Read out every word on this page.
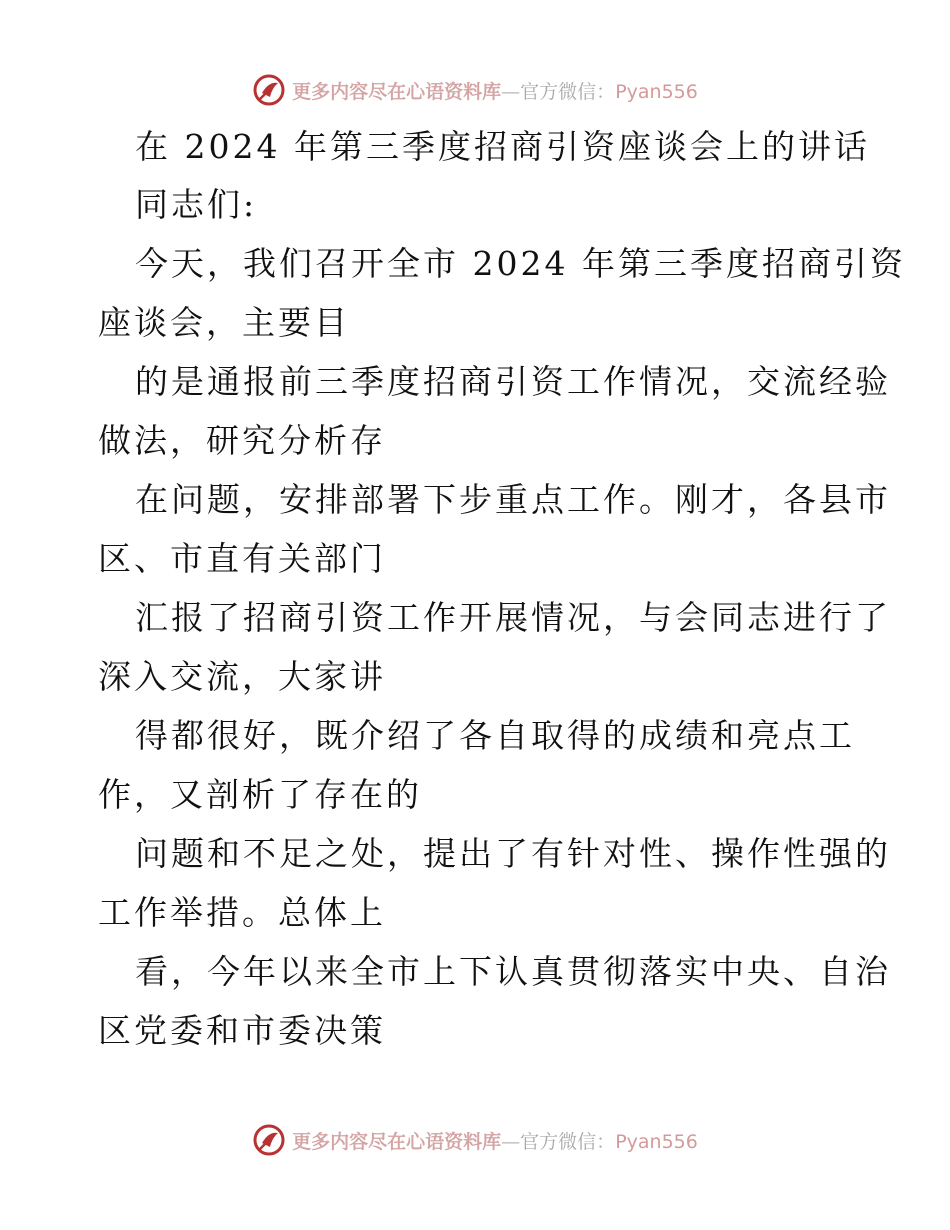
更多内容尽在心语资料库—官方微信：Pyan556
在 2024 年第三季度招商引资座谈会上的讲话
同志们:
今天，我们召开全市 2024 年第三季度招商引资
座谈会，主要目
的是通报前三季度招商引资工作情况，交流经验
做法，研究分析存
在问题，安排部署下步重点工作。刚才，各县市
区、市直有关部门
汇报了招商引资工作开展情况，与会同志进行了
深入交流，大家讲
得都很好，既介绍了各自取得的成绩和亮点工
作，又剖析了存在的
问题和不足之处，提出了有针对性、操作性强的
工作举措。总体上
看，今年以来全市上下认真贯彻落实中央、自治
区党委和市委决策
更多内容尽在心语资料库—官方微信：Pyan556
